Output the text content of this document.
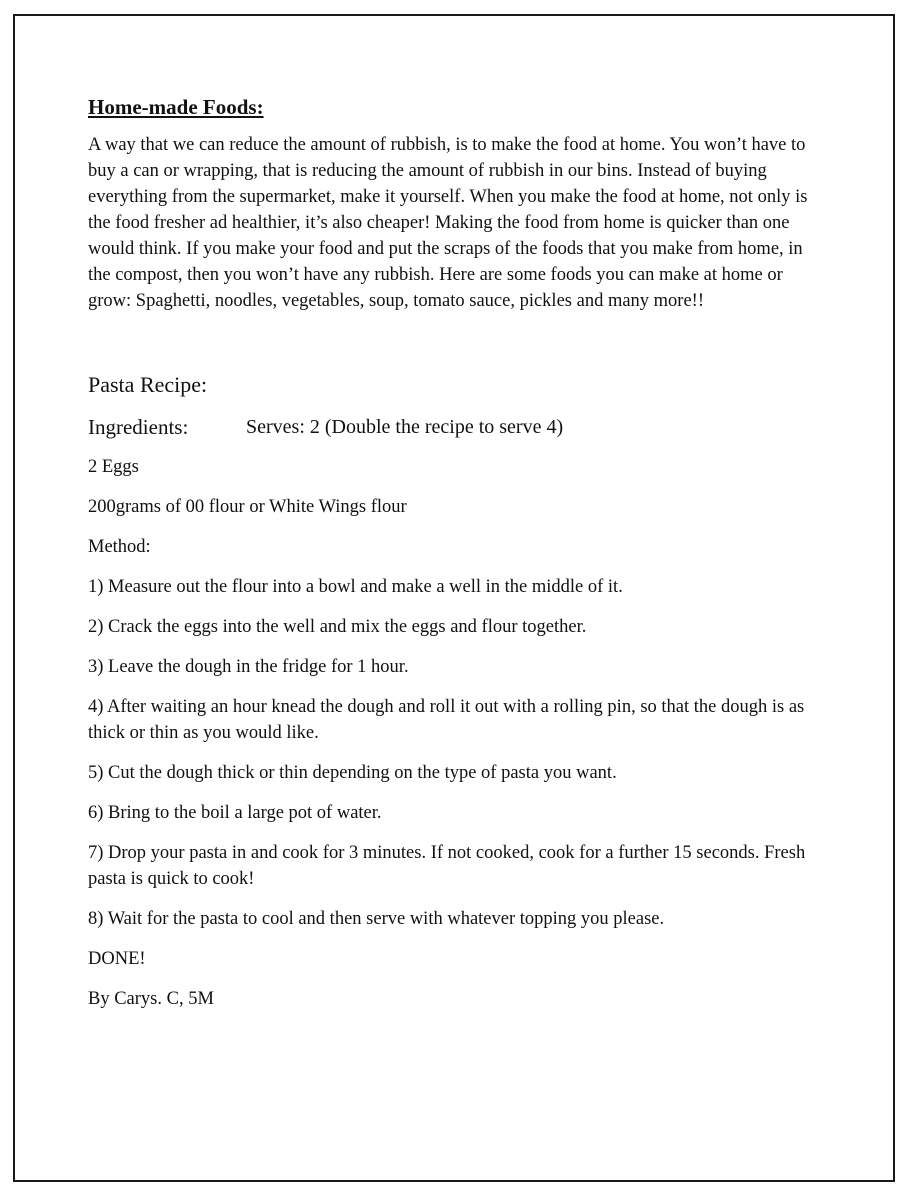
Home-made Foods:

A way that we can reduce the amount of rubbish, is to make the food at home. You won’t have to buy a can or wrapping, that is reducing the amount of rubbish in our bins. Instead of buying everything from the supermarket, make it yourself. When you make the food at home, not only is the food fresher ad healthier, it’s also cheaper! Making the food from home is quicker than one would think. If you make your food and put the scraps of the foods that you make from home, in the compost, then you won’t have any rubbish. Here are some foods you can make at home or grow: Spaghetti, noodles, vegetables, soup, tomato sauce, pickles and many more!!

Pasta Recipe:
Ingredients:	Serves: 2 (Double the recipe to serve 4)
2 Eggs
200grams of 00 flour or White Wings flour
Method:
1) Measure out the flour into a bowl and make a well in the middle of it.
2) Crack the eggs into the well and mix the eggs and flour together.
3) Leave the dough in the fridge for 1 hour.
4) After waiting an hour knead the dough and roll it out with a rolling pin, so that the dough is as thick or thin as you would like.
5) Cut the dough thick or thin depending on the type of pasta you want.
6) Bring to the boil a large pot of water.
7) Drop your pasta in and cook for 3 minutes. If not cooked, cook for a further 15 seconds. Fresh pasta is quick to cook!
8) Wait for the pasta to cool and then serve with whatever topping you please.
DONE!
By Carys. C, 5M
